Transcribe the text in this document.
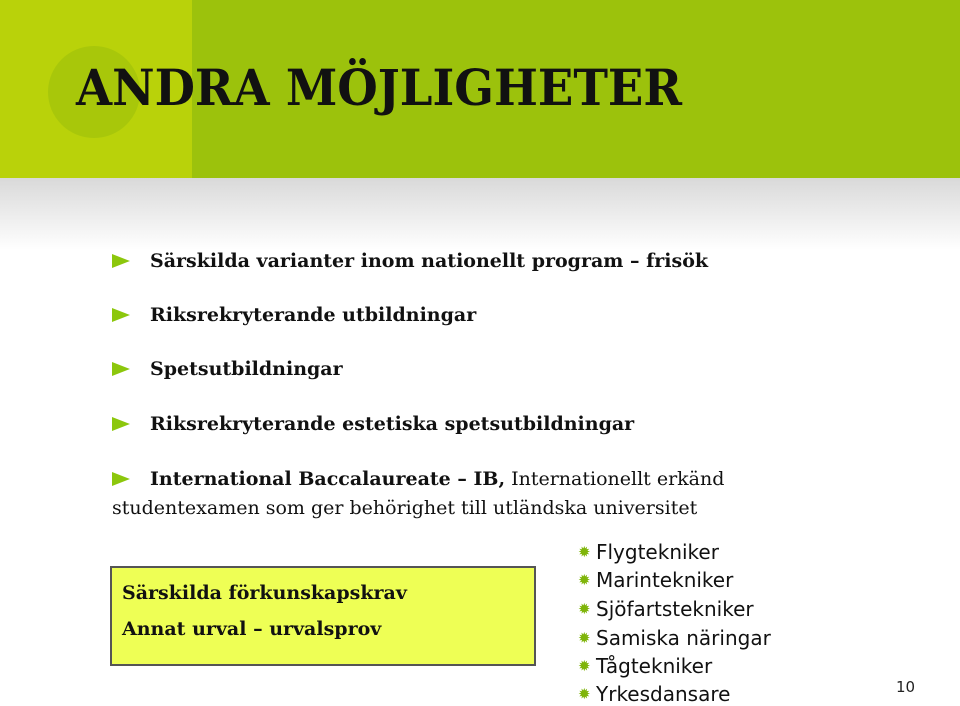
ANDRA MÖJLIGHETER
Särskilda varianter inom nationellt program – frisök
Riksrekryterande utbildningar
Spetsutbildningar
Riksrekryterande estetiska spetsutbildningar
International Baccalaureate – IB, Internationellt erkänd
studentexamen som ger behörighet till utländska universitet
Särskilda förkunskapskrav
Annat urval – urvalsprov
✹ Flygtekniker
✹ Marintekniker
✹ Sjöfartstekniker
✹ Samiska näringar
✹ Tågtekniker
✹ Yrkesdansare	10
